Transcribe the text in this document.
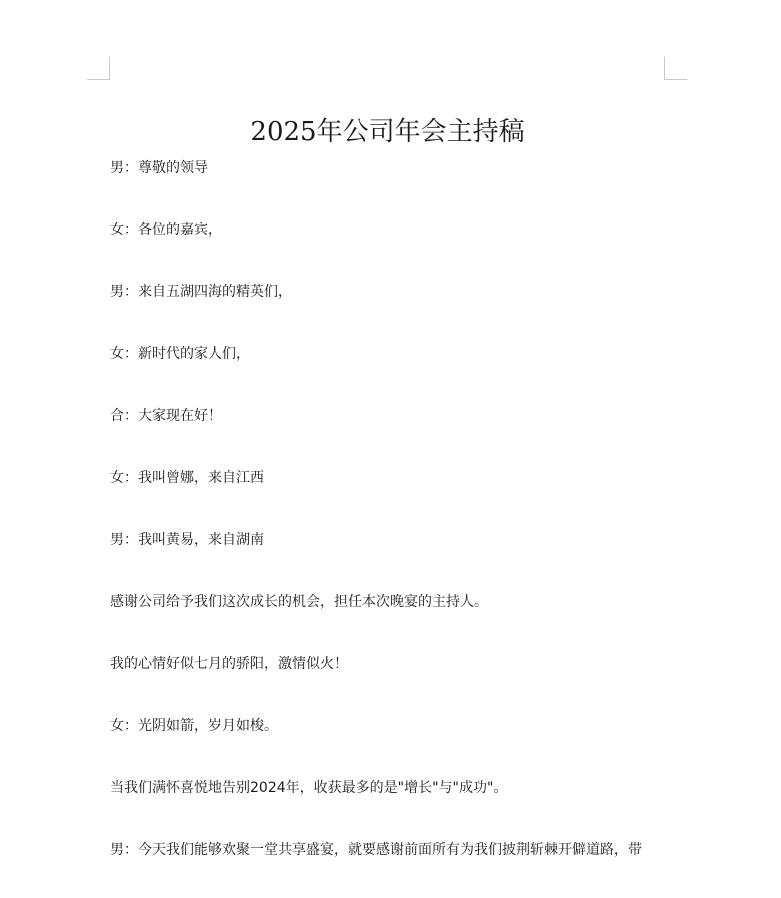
2025年公司年会主持稿

男：尊敬的领导

女：各位的嘉宾，

男：来自五湖四海的精英们，

女：新时代的家人们，

合：大家现在好！

女：我叫曾娜，来自江西

男：我叫黄易，来自湖南

感谢公司给予我们这次成长的机会，担任本次晚宴的主持人。

我的心情好似七月的骄阳，激情似火！

女：光阴如箭，岁月如梭。

当我们满怀喜悦地告别2024年，收获最多的是"增长"与"成功"。

男：今天我们能够欢聚一堂共享盛宴，就要感谢前面所有为我们披荆斩棘开僻道路，带
